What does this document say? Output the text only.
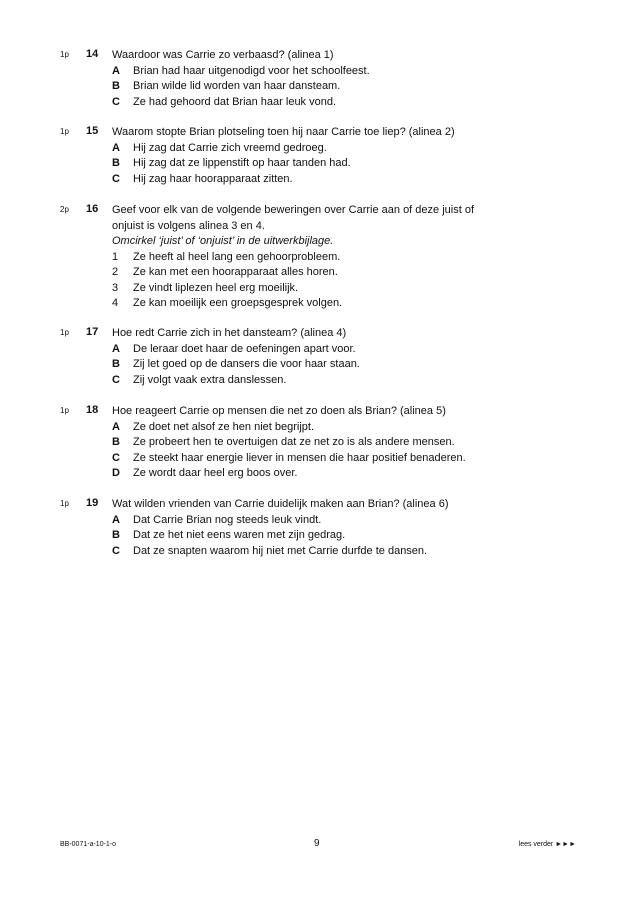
1p 14 Waardoor was Carrie zo verbaasd? (alinea 1)
A Brian had haar uitgenodigd voor het schoolfeest.
B Brian wilde lid worden van haar dansteam.
C Ze had gehoord dat Brian haar leuk vond.
1p 15 Waarom stopte Brian plotseling toen hij naar Carrie toe liep? (alinea 2)
A Hij zag dat Carrie zich vreemd gedroeg.
B Hij zag dat ze lippenstift op haar tanden had.
C Hij zag haar hoorapparaat zitten.
2p 16 Geef voor elk van de volgende beweringen over Carrie aan of deze juist of
onjuist is volgens alinea 3 en 4.
Omcirkel ‘juist’ of ‘onjuist’ in de uitwerkbijlage.
1 Ze heeft al heel lang een gehoorprobleem.
2 Ze kan met een hoorapparaat alles horen.
3 Ze vindt liplezen heel erg moeilijk.
4 Ze kan moeilijk een groepsgesprek volgen.
1p 17 Hoe redt Carrie zich in het dansteam? (alinea 4)
A De leraar doet haar de oefeningen apart voor.
B Zij let goed op de dansers die voor haar staan.
C Zij volgt vaak extra danslessen.
1p 18 Hoe reageert Carrie op mensen die net zo doen als Brian? (alinea 5)
A Ze doet net alsof ze hen niet begrijpt.
B Ze probeert hen te overtuigen dat ze net zo is als andere mensen.
C Ze steekt haar energie liever in mensen die haar positief benaderen.
D Ze wordt daar heel erg boos over.
1p 19 Wat wilden vrienden van Carrie duidelijk maken aan Brian? (alinea 6)
A Dat Carrie Brian nog steeds leuk vindt.
B Dat ze het niet eens waren met zijn gedrag.
C Dat ze snapten waarom hij niet met Carrie durfde te dansen.
BB-0071-a-10-1-o	9	lees verder ►►►
